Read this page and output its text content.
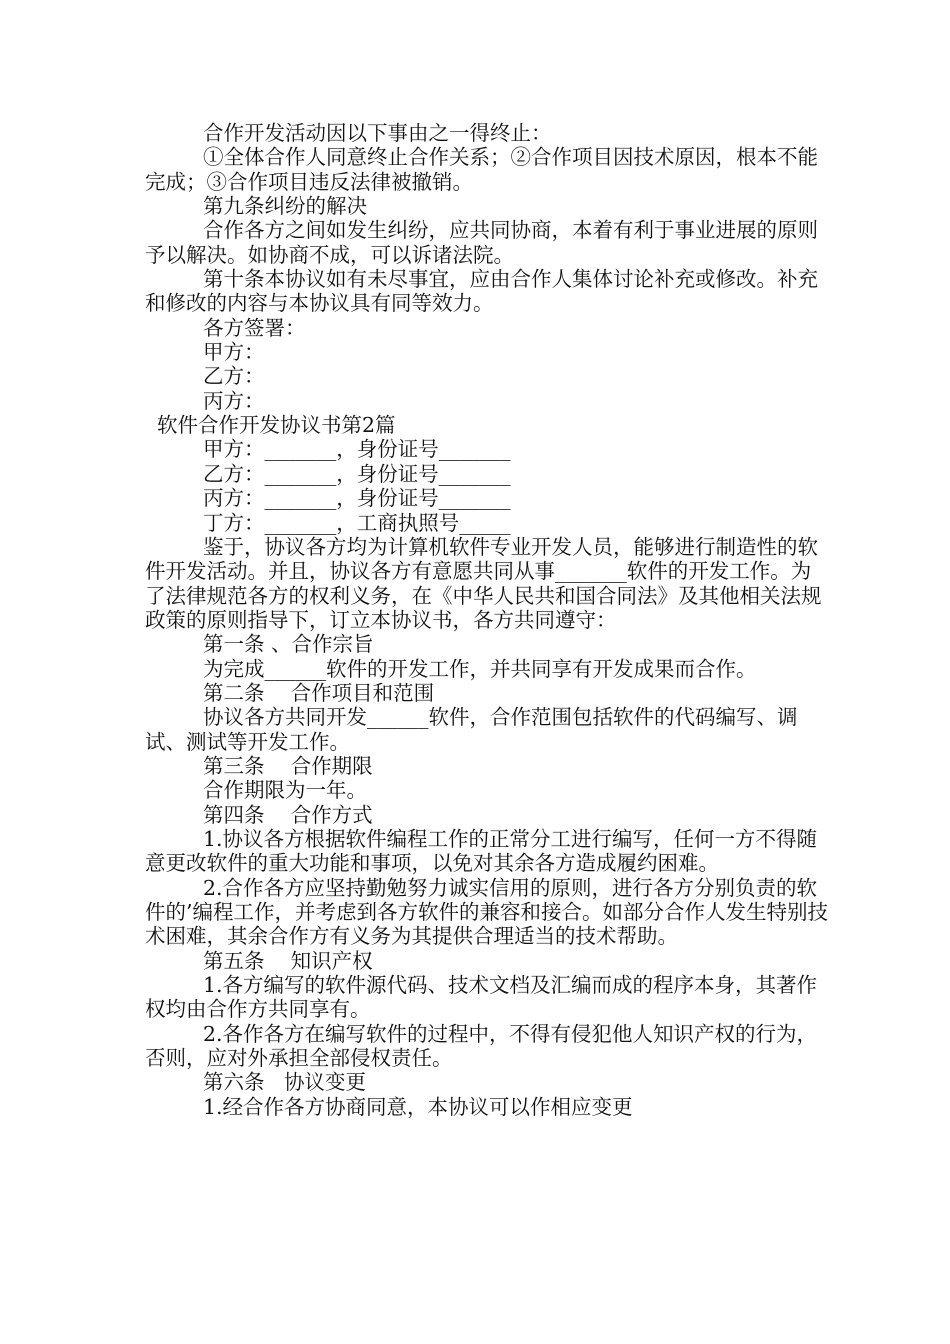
合作开发活动因以下事由之一得终止：

①全体合作人同意终止合作关系；②合作项目因技术原因，根本不能完成；③合作项目违反法律被撤销。

第九条纠纷的解决

合作各方之间如发生纠纷，应共同协商，本着有利于事业进展的原则予以解决。如协商不成，可以诉诸法院。

第十条本协议如有未尽事宜，应由合作人集体讨论补充或修改。补充和修改的内容与本协议具有同等效力。

各方签署：

甲方：

乙方：

丙方：

软件合作开发协议书第2篇

甲方：_______，身份证号_______

乙方：_______，身份证号_______

丙方：_______，身份证号_______

丁方：_______，工商执照号_____

鉴于，协议各方均为计算机软件专业开发人员，能够进行制造性的软件开发活动。并且，协议各方有意愿共同从事_______软件的开发工作。为了法律规范各方的权利义务，在《中华人民共和国合同法》及其他相关法规政策的原则指导下，订立本协议书，各方共同遵守：

第一条 、合作宗旨

为完成______软件的开发工作，并共同享有开发成果而合作。

第二条    合作项目和范围

协议各方共同开发______软件，合作范围包括软件的代码编写、调试、测试等开发工作。

第三条    合作期限

合作期限为一年。

第四条    合作方式

1.协议各方根据软件编程工作的正常分工进行编写，任何一方不得随意更改软件的重大功能和事项，以免对其余各方造成履约困难。

2.合作各方应坚持勤勉努力诚实信用的原则，进行各方分别负责的软件的’编程工作，并考虑到各方软件的兼容和接合。如部分合作人发生特别技术困难，其余合作方有义务为其提供合理适当的技术帮助。

第五条    知识产权

1.各方编写的软件源代码、技术文档及汇编而成的程序本身，其著作权均由合作方共同享有。

2.各作各方在编写软件的过程中，不得有侵犯他人知识产权的行为，否则，应对外承担全部侵权责任。

第六条   协议变更

1.经合作各方协商同意，本协议可以作相应变更
